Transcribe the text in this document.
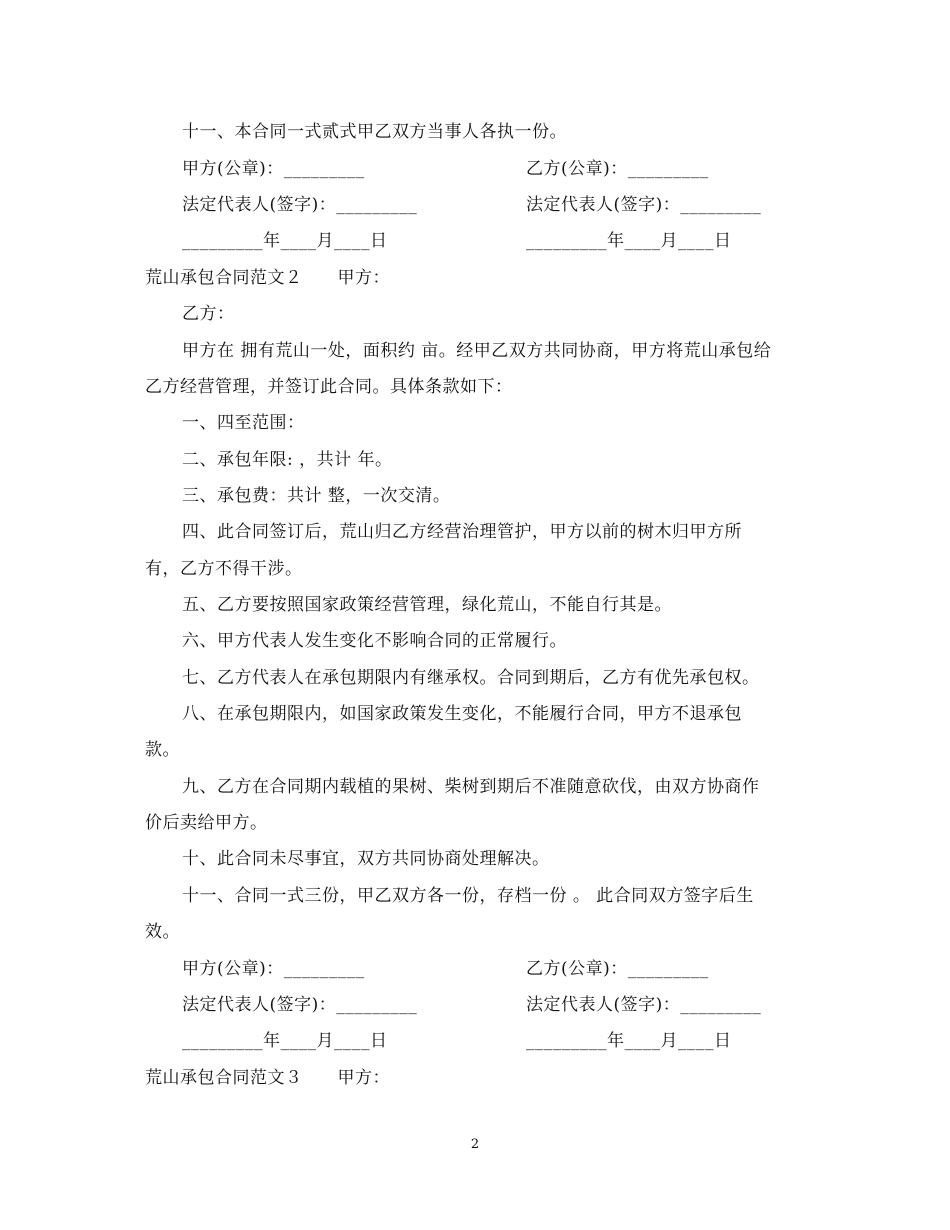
十一、本合同一式贰式甲乙双方当事人各执一份。
甲方(公章)：_________	乙方(公章)：_________
法定代表人(签字)：_________	法定代表人(签字)：_________
_________年____月____日	_________年____月____日
荒山承包合同范文２　　甲方：
乙方：
甲方在 拥有荒山一处，面积约 亩。经甲乙双方共同协商，甲方将荒山承包给
乙方经营管理，并签订此合同。具体条款如下：
一、四至范围：
二、承包年限: ，共计 年。
三、承包费：共计 整，一次交清。
四、此合同签订后，荒山归乙方经营治理管护，甲方以前的树木归甲方所
有，乙方不得干涉。
五、乙方要按照国家政策经营管理，绿化荒山，不能自行其是。
六、甲方代表人发生变化不影响合同的正常履行。
七、乙方代表人在承包期限内有继承权。合同到期后，乙方有优先承包权。
八、在承包期限内，如国家政策发生变化，不能履行合同，甲方不退承包
款。
九、乙方在合同期内载植的果树、柴树到期后不准随意砍伐，由双方协商作
价后卖给甲方。
十、此合同未尽事宜，双方共同协商处理解决。
十一、合同一式三份，甲乙双方各一份，存档一份 。 此合同双方签字后生
效。
甲方(公章)：_________	乙方(公章)：_________
法定代表人(签字)：_________	法定代表人(签字)：_________
_________年____月____日	_________年____月____日
荒山承包合同范文３　　甲方：
2
